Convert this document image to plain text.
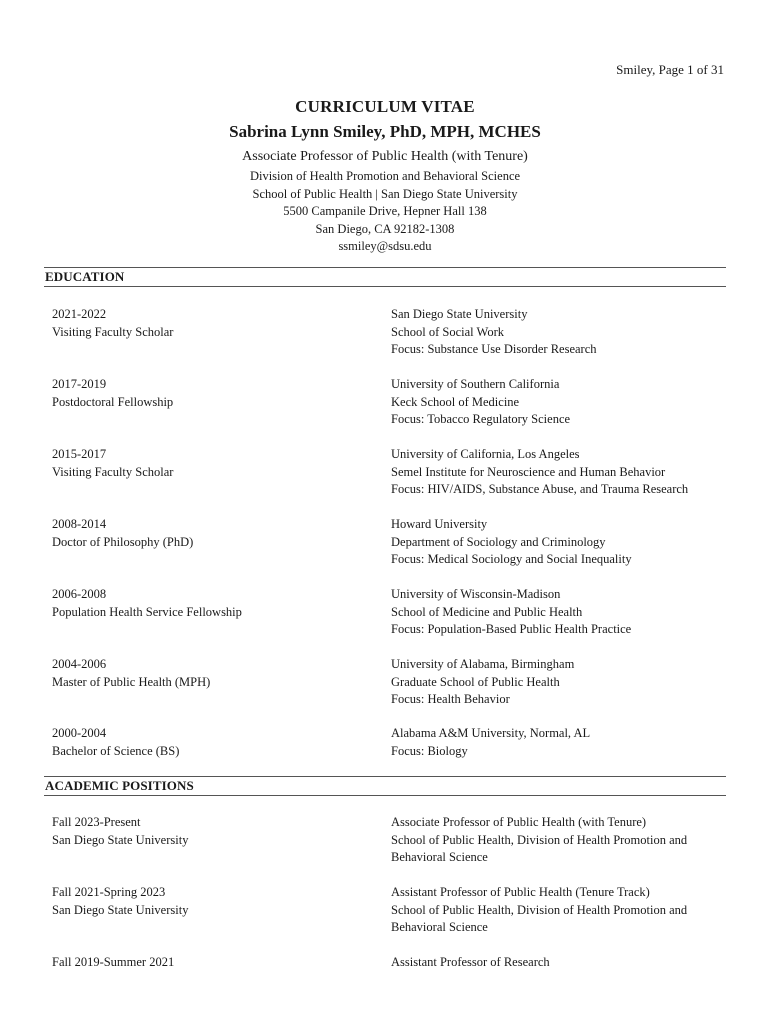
Smiley, Page 1 of 31
CURRICULUM VITAE
Sabrina Lynn Smiley, PhD, MPH, MCHES
Associate Professor of Public Health (with Tenure)
Division of Health Promotion and Behavioral Science
School of Public Health | San Diego State University
5500 Campanile Drive, Hepner Hall 138
San Diego, CA 92182-1308
ssmiley@sdsu.edu
EDUCATION
2021-2022
Visiting Faculty Scholar
San Diego State University
School of Social Work
Focus: Substance Use Disorder Research
2017-2019
Postdoctoral Fellowship
University of Southern California
Keck School of Medicine
Focus: Tobacco Regulatory Science
2015-2017
Visiting Faculty Scholar
University of California, Los Angeles
Semel Institute for Neuroscience and Human Behavior
Focus: HIV/AIDS, Substance Abuse, and Trauma Research
2008-2014
Doctor of Philosophy (PhD)
Howard University
Department of Sociology and Criminology
Focus: Medical Sociology and Social Inequality
2006-2008
Population Health Service Fellowship
University of Wisconsin-Madison
School of Medicine and Public Health
Focus: Population-Based Public Health Practice
2004-2006
Master of Public Health (MPH)
University of Alabama, Birmingham
Graduate School of Public Health
Focus: Health Behavior
2000-2004
Bachelor of Science (BS)
Alabama A&M University, Normal, AL
Focus: Biology
ACADEMIC POSITIONS
Fall 2023-Present
San Diego State University
Associate Professor of Public Health (with Tenure)
School of Public Health, Division of Health Promotion and Behavioral Science
Fall 2021-Spring 2023
San Diego State University
Assistant Professor of Public Health (Tenure Track)
School of Public Health, Division of Health Promotion and Behavioral Science
Fall 2019-Summer 2021	Assistant Professor of Research
